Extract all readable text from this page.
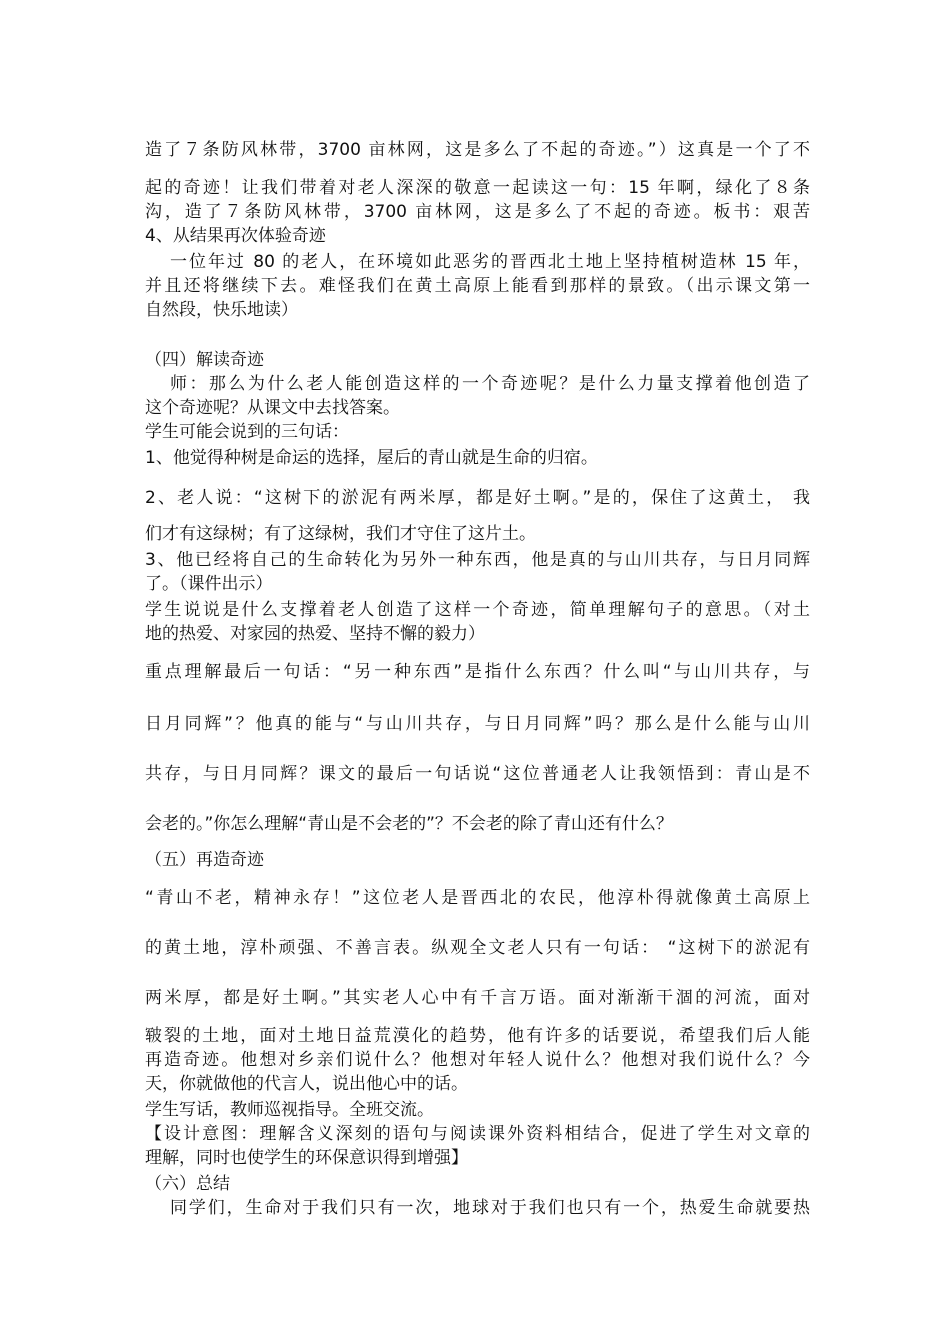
造了７条防风林带，3700 亩林网，这是多么了不起的奇迹。”）这真是一个了不
起的奇迹！让我们带着对老人深深的敬意一起读这一句：15 年啊，绿化了８条
沟，造了７条防风林带，3700 亩林网，这是多么了不起的奇迹。板书：艰苦
4、从结果再次体验奇迹
一位年过 80 的老人，在环境如此恶劣的晋西北土地上坚持植树造林 15 年，
并且还将继续下去。难怪我们在黄土高原上能看到那样的景致。（出示课文第一
自然段，快乐地读）
（四）解读奇迹
师：那么为什么老人能创造这样的一个奇迹呢？是什么力量支撑着他创造了
这个奇迹呢？从课文中去找答案。
学生可能会说到的三句话：
1、他觉得种树是命运的选择，屋后的青山就是生命的归宿。
2、老人说：“这树下的淤泥有两米厚，都是好土啊。”是的，保住了这黄土， 我
们才有这绿树；有了这绿树，我们才守住了这片土。
3、他已经将自己的生命转化为另外一种东西，他是真的与山川共存，与日月同辉
了。（课件出示）
学生说说是什么支撑着老人创造了这样一个奇迹，简单理解句子的意思。（对土
地的热爱、对家园的热爱、坚持不懈的毅力）
重点理解最后一句话：“另一种东西”是指什么东西？什么叫“与山川共存，与
日月同辉”？他真的能与“与山川共存，与日月同辉”吗？那么是什么能与山川
共存，与日月同辉？课文的最后一句话说“这位普通老人让我领悟到：青山是不
会老的。”你怎么理解“青山是不会老的”？不会老的除了青山还有什么？
（五）再造奇迹
“青山不老，精神永存！”这位老人是晋西北的农民，他淳朴得就像黄土高原上
的黄土地，淳朴顽强、不善言表。纵观全文老人只有一句话： “这树下的淤泥有
两米厚，都是好土啊。”其实老人心中有千言万语。面对渐渐干涸的河流，面对
皲裂的土地，面对土地日益荒漠化的趋势，他有许多的话要说，希望我们后人能
再造奇迹。他想对乡亲们说什么？他想对年轻人说什么？他想对我们说什么？今
天，你就做他的代言人，说出他心中的话。
学生写话，教师巡视指导。全班交流。
【设计意图：理解含义深刻的语句与阅读课外资料相结合，促进了学生对文章的
理解，同时也使学生的环保意识得到增强】
（六）总结
同学们，生命对于我们只有一次，地球对于我们也只有一个，热爱生命就要热
